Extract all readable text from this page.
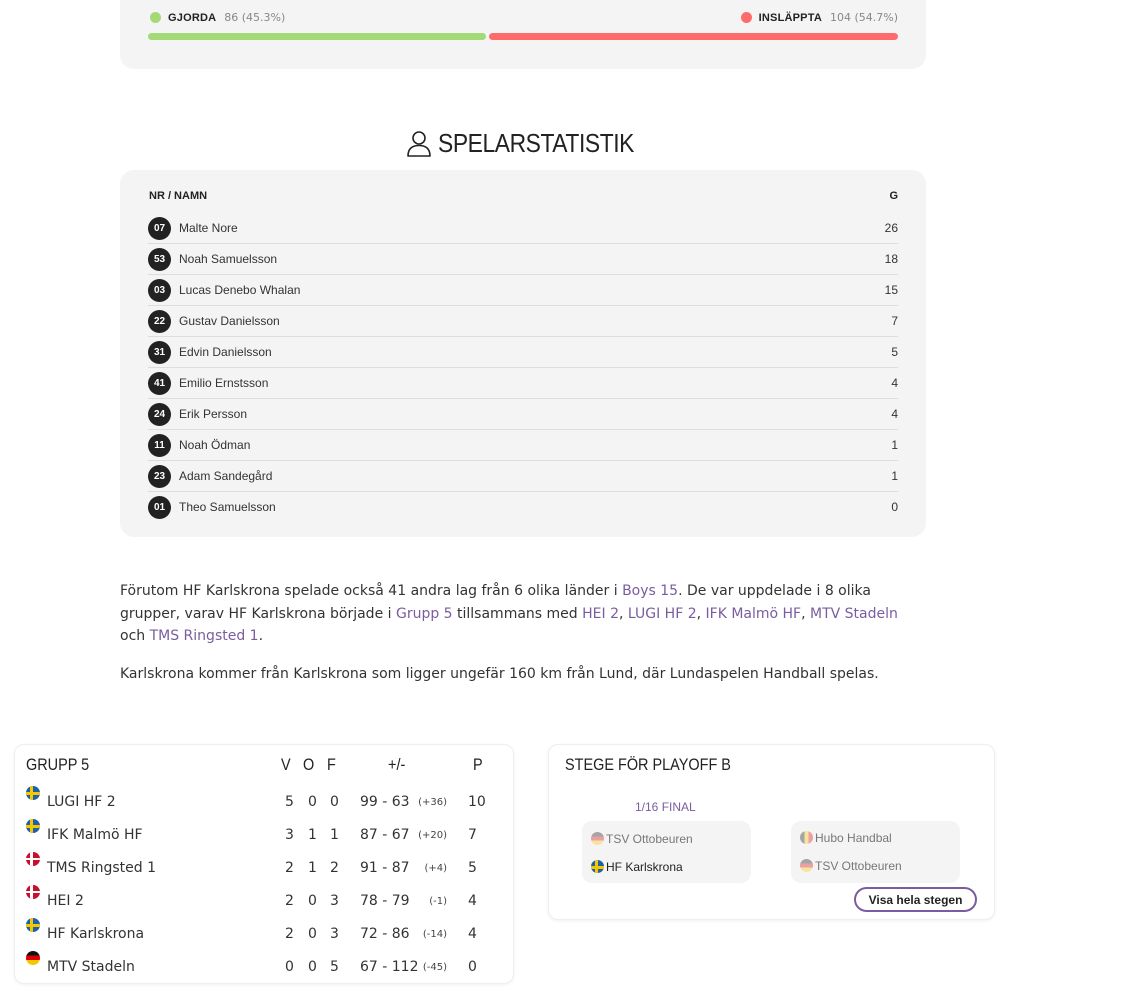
GJORDA 86 (45.3%)	INSLÄPPTA 104 (54.7%)
SPELARSTATISTIK
NR / NAMN	G
07	Malte Nore	26
53	Noah Samuelsson	18
03	Lucas Denebo Whalan	15
22	Gustav Danielsson	7
31	Edvin Danielsson	5
41	Emilio Ernstsson	4
24	Erik Persson	4
11	Noah Ödman	1
23	Adam Sandegård	1
01	Theo Samuelsson	0
Förutom HF Karlskrona spelade också 41 andra lag från 6 olika länder i Boys 15. De var uppdelade i 8 olika grupper, varav HF Karlskrona började i Grupp 5 tillsammans med HEI 2, LUGI HF 2, IFK Malmö HF, MTV Stadeln och TMS Ringsted 1.
Karlskrona kommer från Karlskrona som ligger ungefär 160 km från Lund, där Lundaspelen Handball spelas.
GRUPP 5	V O F	+/-	P
LUGI HF 2	5 0 0 99 - 63 (+36) 10
IFK Malmö HF	3 1 1 87 - 67 (+20) 7
TMS Ringsted 1	2 1 2 91 - 87 (+4) 5
HEI 2	2 0 3 78 - 79 (-1) 4
HF Karlskrona	2 0 3 72 - 86 (-14) 4
MTV Stadeln	0 0 5 67 - 112 (-45) 0
STEGE FÖR PLAYOFF B
1/16 FINAL
TSV Ottobeuren
HF Karlskrona
Hubo Handbal
TSV Ottobeuren
Visa hela stegen
